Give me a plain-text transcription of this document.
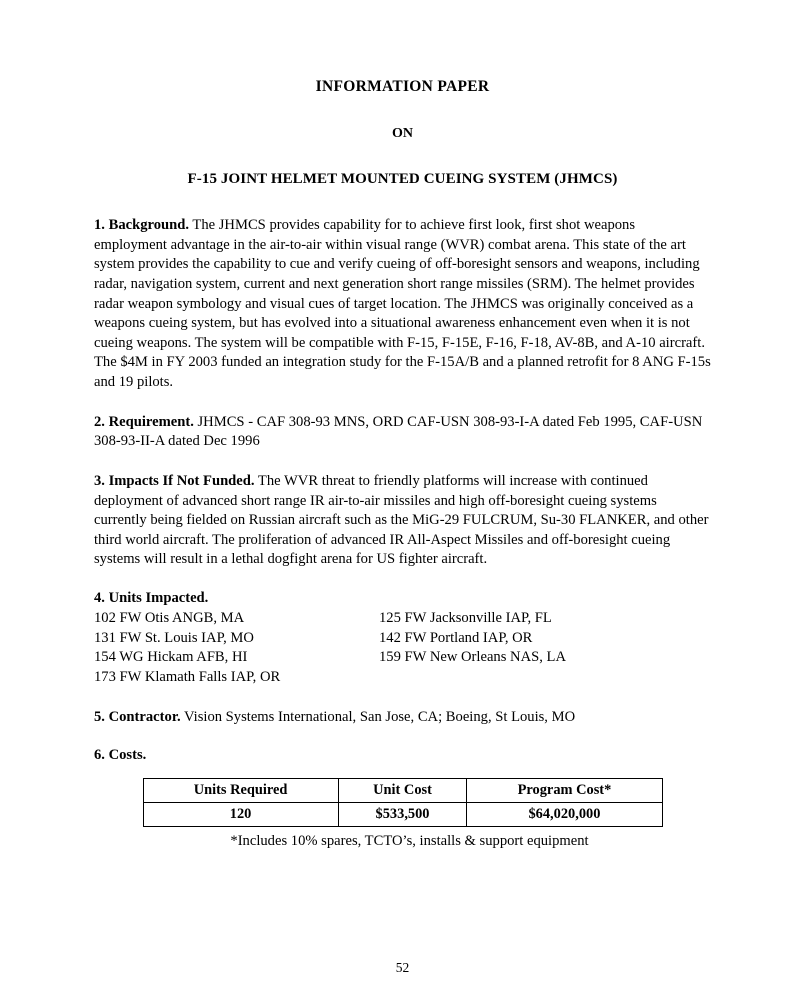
INFORMATION PAPER
ON
F-15 JOINT HELMET MOUNTED CUEING SYSTEM (JHMCS)

1. Background. The JHMCS provides capability for to achieve first look, first shot weapons employment advantage in the air-to-air within visual range (WVR) combat arena. This state of the art system provides the capability to cue and verify cueing of off-boresight sensors and weapons, including radar, navigation system, current and next generation short range missiles (SRM). The helmet provides radar weapon symbology and visual cues of target location. The JHMCS was originally conceived as a weapons cueing system, but has evolved into a situational awareness enhancement even when it is not cueing weapons. The system will be compatible with F-15, F-15E, F-16, F-18, AV-8B, and A-10 aircraft. The $4M in FY 2003 funded an integration study for the F-15A/B and a planned retrofit for 8 ANG F-15s and 19 pilots.

2. Requirement. JHMCS - CAF 308-93 MNS, ORD CAF-USN 308-93-I-A dated Feb 1995, CAF-USN 308-93-II-A dated Dec 1996

3. Impacts If Not Funded. The WVR threat to friendly platforms will increase with continued deployment of advanced short range IR air-to-air missiles and high off-boresight cueing systems currently being fielded on Russian aircraft such as the MiG-29 FULCRUM, Su-30 FLANKER, and other third world aircraft. The proliferation of advanced IR All-Aspect Missiles and off-boresight cueing systems will result in a lethal dogfight arena for US fighter aircraft.

4. Units Impacted.
102 FW Otis ANGB, MA	125 FW Jacksonville IAP, FL
131 FW St. Louis IAP, MO	142 FW Portland IAP, OR
154 WG Hickam AFB, HI	159 FW New Orleans NAS, LA
173 FW Klamath Falls IAP, OR

5. Contractor. Vision Systems International, San Jose, CA; Boeing, St Louis, MO

6. Costs.
Units Required	Unit Cost	Program Cost*
120	$533,500	$64,020,000
*Includes 10% spares, TCTO’s, installs & support equipment
52
